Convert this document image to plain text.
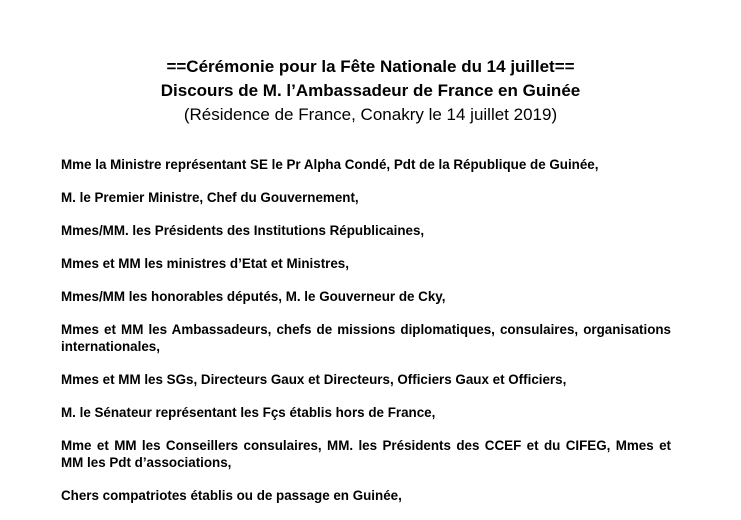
==Cérémonie pour la Fête Nationale du 14 juillet==
Discours de M. l’Ambassadeur de France en Guinée
(Résidence de France, Conakry le 14 juillet 2019)

Mme la Ministre représentant SE le Pr Alpha Condé, Pdt de la République de Guinée,

M. le Premier Ministre, Chef du Gouvernement,

Mmes/MM. les Présidents des Institutions Républicaines,

Mmes et MM les ministres d’Etat et Ministres,

Mmes/MM les honorables députés, M. le Gouverneur de Cky,

Mmes et MM les Ambassadeurs, chefs de missions diplomatiques, consulaires, organisations internationales,

Mmes et MM les SGs, Directeurs Gaux et Directeurs, Officiers Gaux et Officiers,

M. le Sénateur représentant les Fçs établis hors de France,

Mme et MM les Conseillers consulaires, MM. les Présidents des CCEF et du CIFEG, Mmes et MM les Pdt d’associations,

Chers compatriotes établis ou de passage en Guinée,
